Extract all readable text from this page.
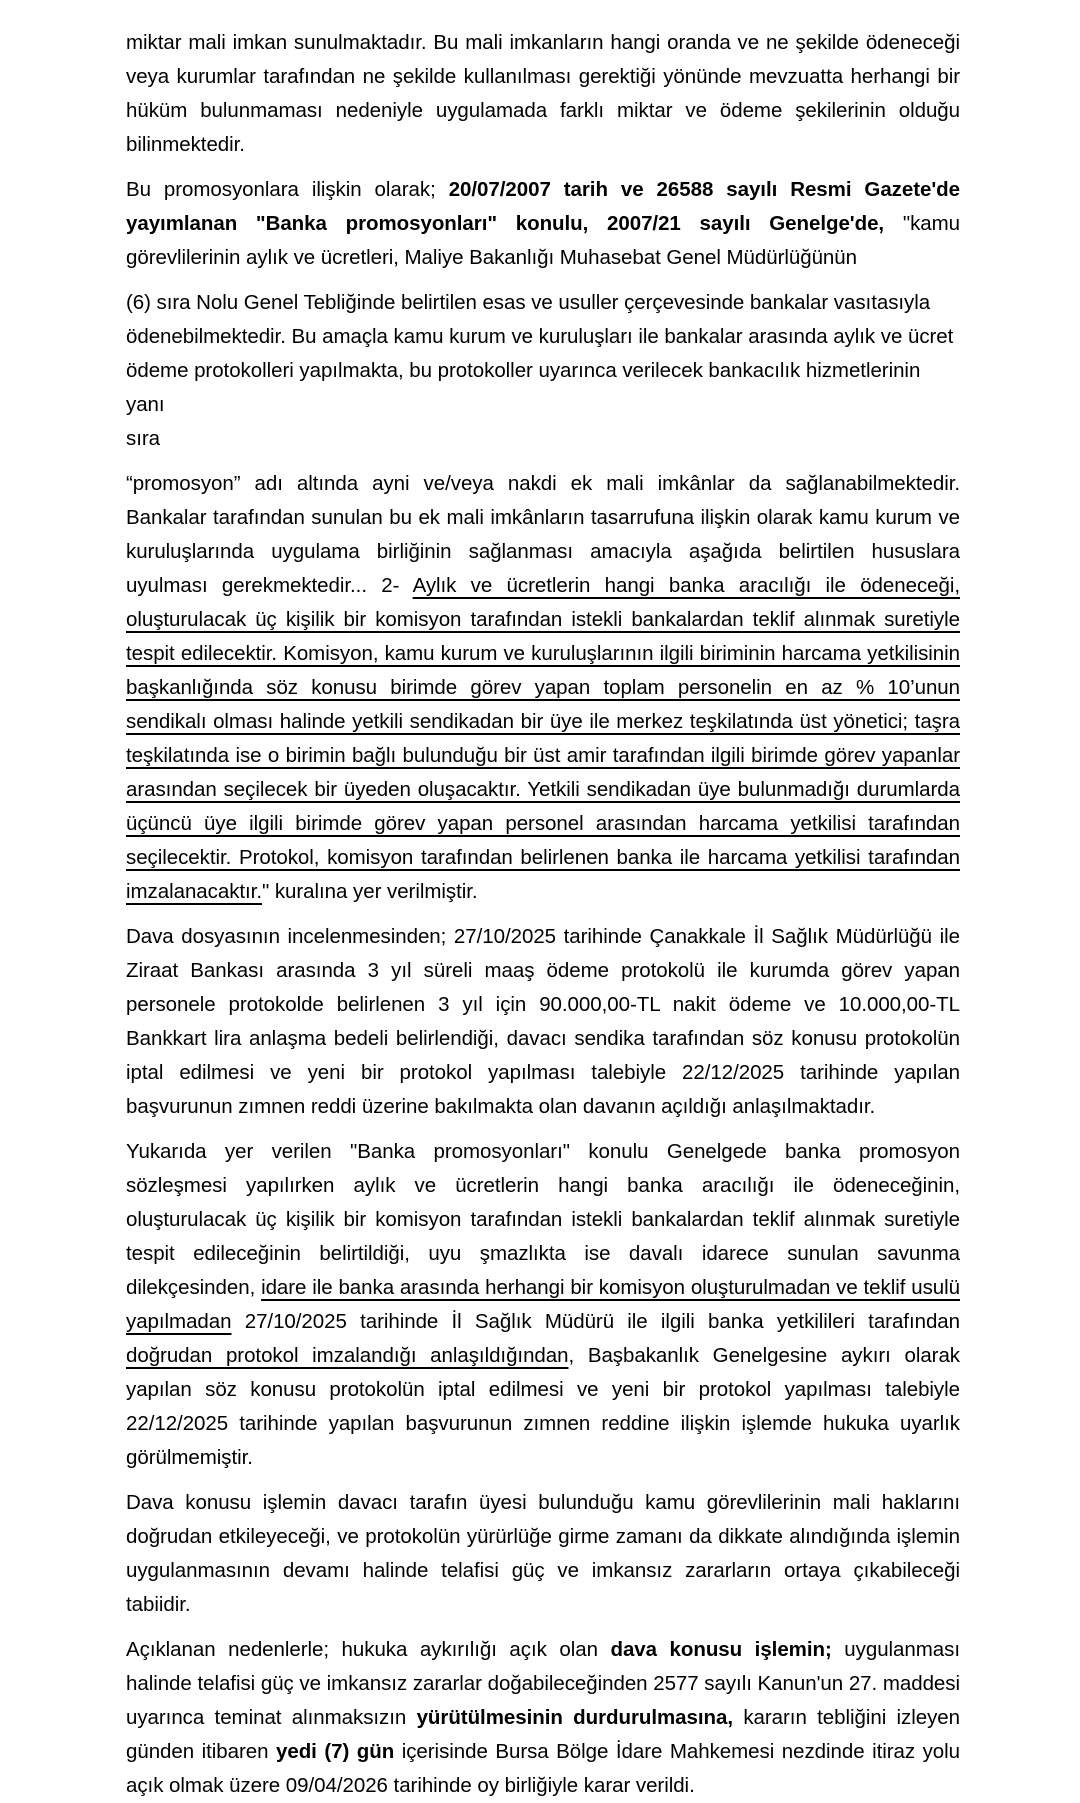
miktar mali imkan sunulmaktadır. Bu mali imkanların hangi oranda ve ne şekilde ödeneceği veya kurumlar tarafından ne şekilde kullanılması gerektiği yönünde mevzuatta herhangi bir hüküm bulunmaması nedeniyle uygulamada farklı miktar ve ödeme şekilerinin olduğu bilinmektedir.

Bu promosyonlara ilişkin olarak; 20/07/2007 tarih ve 26588 sayılı Resmi Gazete'de yayımlanan "Banka promosyonları" konulu, 2007/21 sayılı Genelge'de, "kamu görevlilerinin aylık ve ücretleri, Maliye Bakanlığı Muhasebat Genel Müdürlüğünün

(6) sıra Nolu Genel Tebliğinde belirtilen esas ve usuller çerçevesinde bankalar vasıtasıyla

ödenebilmektedir. Bu amaçla kamu kurum ve kuruluşları ile bankalar arasında aylık ve ücret

ödeme protokolleri yapılmakta, bu protokoller uyarınca verilecek bankacılık hizmetlerinin yanı

sıra

“promosyon” adı altında ayni ve/veya nakdi ek mali imkânlar da sağlanabilmektedir. Bankalar tarafından sunulan bu ek mali imkânların tasarrufuna ilişkin olarak kamu kurum ve kuruluşlarında uygulama birliğinin sağlanması amacıyla aşağıda belirtilen hususlara uyulması gerekmektedir... 2- Aylık ve ücretlerin hangi banka aracılığı ile ödeneceği, oluşturulacak üç kişilik bir komisyon tarafından istekli bankalardan teklif alınmak suretiyle tespit edilecektir. Komisyon, kamu kurum ve kuruluşlarının ilgili biriminin harcama yetkilisinin başkanlığında söz konusu birimde görev yapan toplam personelin en az % 10’unun sendikalı olması halinde yetkili sendikadan bir üye ile merkez teşkilatında üst yönetici; taşra teşkilatında ise o birimin bağlı bulunduğu bir üst amir tarafından ilgili birimde görev yapanlar arasından seçilecek bir üyeden oluşacaktır. Yetkili sendikadan üye bulunmadığı durumlarda üçüncü üye ilgili birimde görev yapan personel arasından harcama yetkilisi tarafından seçilecektir. Protokol, komisyon tarafından belirlenen banka ile harcama yetkilisi tarafından imzalanacaktır." kuralına yer verilmiştir.

Dava dosyasının incelenmesinden; 27/10/2025 tarihinde Çanakkale İl Sağlık Müdürlüğü ile Ziraat Bankası arasında 3 yıl süreli maaş ödeme protokolü ile kurumda görev yapan personele protokolde belirlenen 3 yıl için 90.000,00-TL nakit ödeme ve 10.000,00-TL Bankkart lira anlaşma bedeli belirlendiği, davacı sendika tarafından söz konusu protokolün iptal edilmesi ve yeni bir protokol yapılması talebiyle 22/12/2025 tarihinde yapılan başvurunun zımnen reddi üzerine bakılmakta olan davanın açıldığı anlaşılmaktadır.

Yukarıda yer verilen "Banka promosyonları" konulu Genelgede banka promosyon sözleşmesi yapılırken aylık ve ücretlerin hangi banka aracılığı ile ödeneceğinin, oluşturulacak üç kişilik bir komisyon tarafından istekli bankalardan teklif alınmak suretiyle tespit edileceğinin belirtildiği, uyu şmazlıkta ise davalı idarece sunulan savunma dilekçesinden, idare ile banka arasında herhangi bir komisyon oluşturulmadan ve teklif usulü yapılmadan 27/10/2025 tarihinde İl Sağlık Müdürü ile ilgili banka yetkilileri tarafından doğrudan protokol imzalandığı anlaşıldığından, Başbakanlık Genelgesine aykırı olarak yapılan söz konusu protokolün iptal edilmesi ve yeni bir protokol yapılması talebiyle 22/12/2025 tarihinde yapılan başvurunun zımnen reddine ilişkin işlemde hukuka uyarlık görülmemiştir.

Dava konusu işlemin davacı tarafın üyesi bulunduğu kamu görevlilerinin mali haklarını doğrudan etkileyeceği, ve protokolün yürürlüğe girme zamanı da dikkate alındığında işlemin uygulanmasının devamı halinde telafisi güç ve imkansız zararların ortaya çıkabileceği tabiidir.

Açıklanan nedenlerle; hukuka aykırılığı açık olan dava konusu işlemin; uygulanması halinde telafisi güç ve imkansız zararlar doğabileceğinden 2577 sayılı Kanun'un 27. maddesi uyarınca teminat alınmaksızın yürütülmesinin durdurulmasına, kararın tebliğini izleyen günden itibaren yedi (7) gün içerisinde Bursa Bölge İdare Mahkemesi nezdinde itiraz yolu açık olmak üzere 09/04/2026 tarihinde oy birliğiyle karar verildi.
